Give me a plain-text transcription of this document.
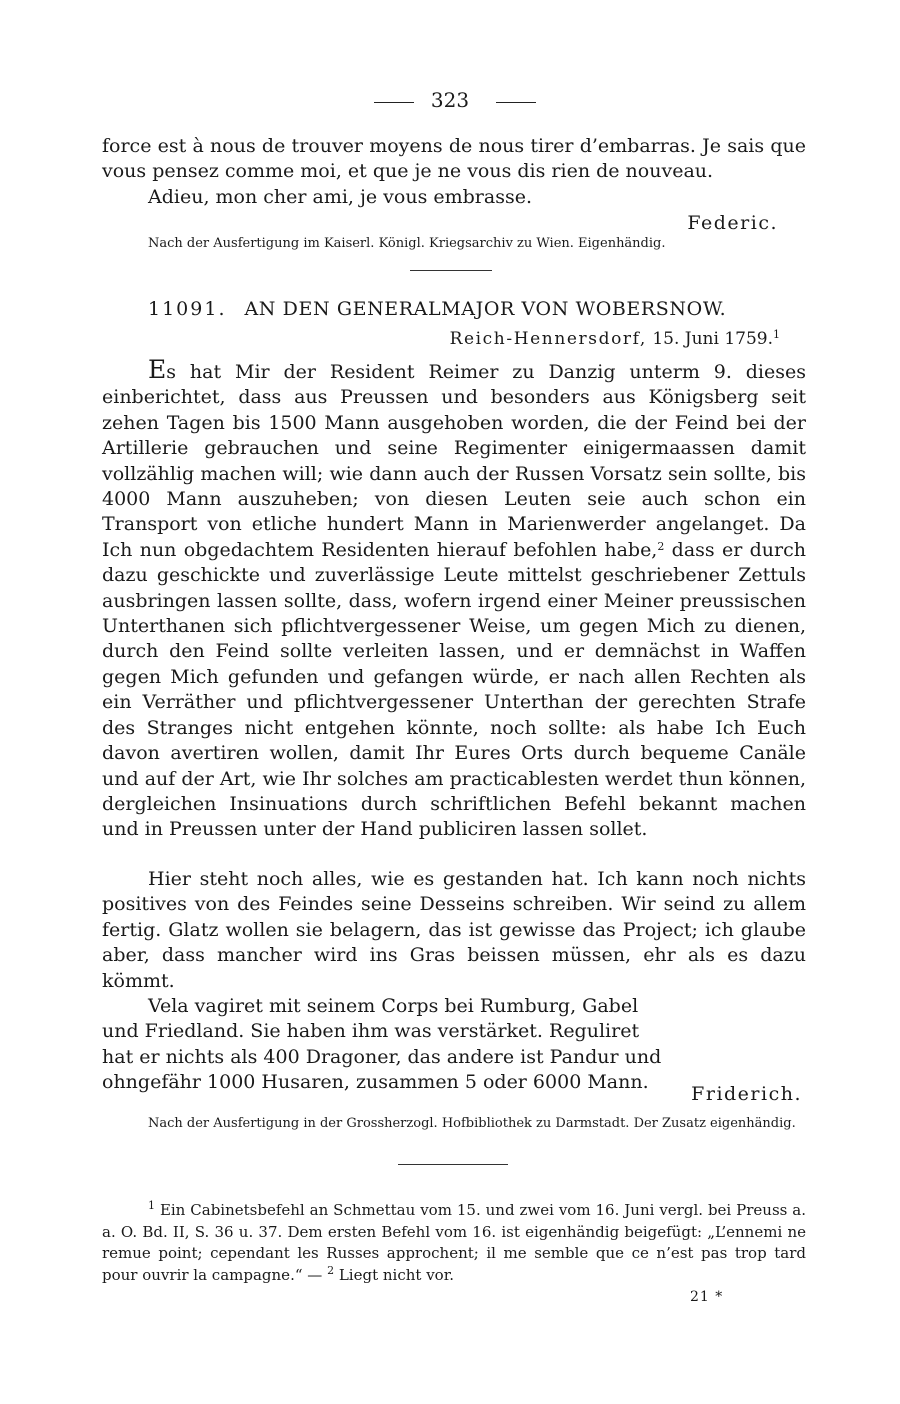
323

force est à nous de trouver moyens de nous tirer d’embarras. Je sais que vous pensez comme moi, et que je ne vous dis rien de nouveau.

Adieu, mon cher ami, je vous embrasse.

Federic.
Nach der Ausfertigung im Kaiserl. Königl. Kriegsarchiv zu Wien. Eigenhändig.
11091. AN DEN GENERALMAJOR VON WOBERSNOW.
Reich-Hennersdorf, 15. Juni 1759.$^1$

Es hat Mir der Resident Reimer zu Danzig unterm 9. dieses einberichtet, dass aus Preussen und besonders aus Königsberg seit zehen Tagen bis 1500 Mann ausgehoben worden, die der Feind bei der Artillerie gebrauchen und seine Regimenter einigermaassen damit vollzählig machen will; wie dann auch der Russen Vorsatz sein sollte, bis 4000 Mann auszuheben; von diesen Leuten seie auch schon ein Transport von etliche hundert Mann in Marienwerder angelanget. Da Ich nun obgedachtem Residenten hierauf befohlen habe,$^2$ dass er durch dazu geschickte und zuverlässige Leute mittelst geschriebener Zettuls ausbringen lassen sollte, dass, wofern irgend einer Meiner preussischen Unterthanen sich pflichtvergessener Weise, um gegen Mich zu dienen, durch den Feind sollte verleiten lassen, und er demnächst in Waffen gegen Mich gefunden und gefangen würde, er nach allen Rechten als ein Verräther und pflichtvergessener Unterthan der gerechten Strafe des Stranges nicht entgehen könnte, noch sollte: als habe Ich Euch davon avertiren wollen, damit Ihr Eures Orts durch bequeme Canäle und auf der Art, wie Ihr solches am practicablesten werdet thun können, dergleichen Insinuations durch schriftlichen Befehl bekannt machen und in Preussen unter der Hand publiciren lassen sollet.

Hier steht noch alles, wie es gestanden hat. Ich kann noch nichts positives von des Feindes seine Desseins schreiben. Wir seind zu allem fertig. Glatz wollen sie belagern, das ist gewisse das Project; ich glaube aber, dass mancher wird ins Gras beissen müssen, ehr als es dazu kömmt.

Vela vagiret mit seinem Corps bei Rumburg, Gabel und Friedland. Sie haben ihm was verstärket. Reguliret hat er nichts als 400 Dragoner, das andere ist Pandur und ohngefähr 1000 Husaren, zusammen 5 oder 6000 Mann.

Friderich.
Nach der Ausfertigung in der Grossherzogl. Hofbibliothek zu Darmstadt. Der Zusatz eigenhändig.

$^1$ Ein Cabinetsbefehl an Schmettau vom 15. und zwei vom 16. Juni vergl. bei Preuss a. a. O. Bd. II, S. 36 u. 37. Dem ersten Befehl vom 16. ist eigenhändig beigefügt: „L’ennemi ne remue point; cependant les Russes approchent; il me semble que ce n’est pas trop tard pour ouvrir la campagne.“ — $^2$ Liegt nicht vor.

21 *
